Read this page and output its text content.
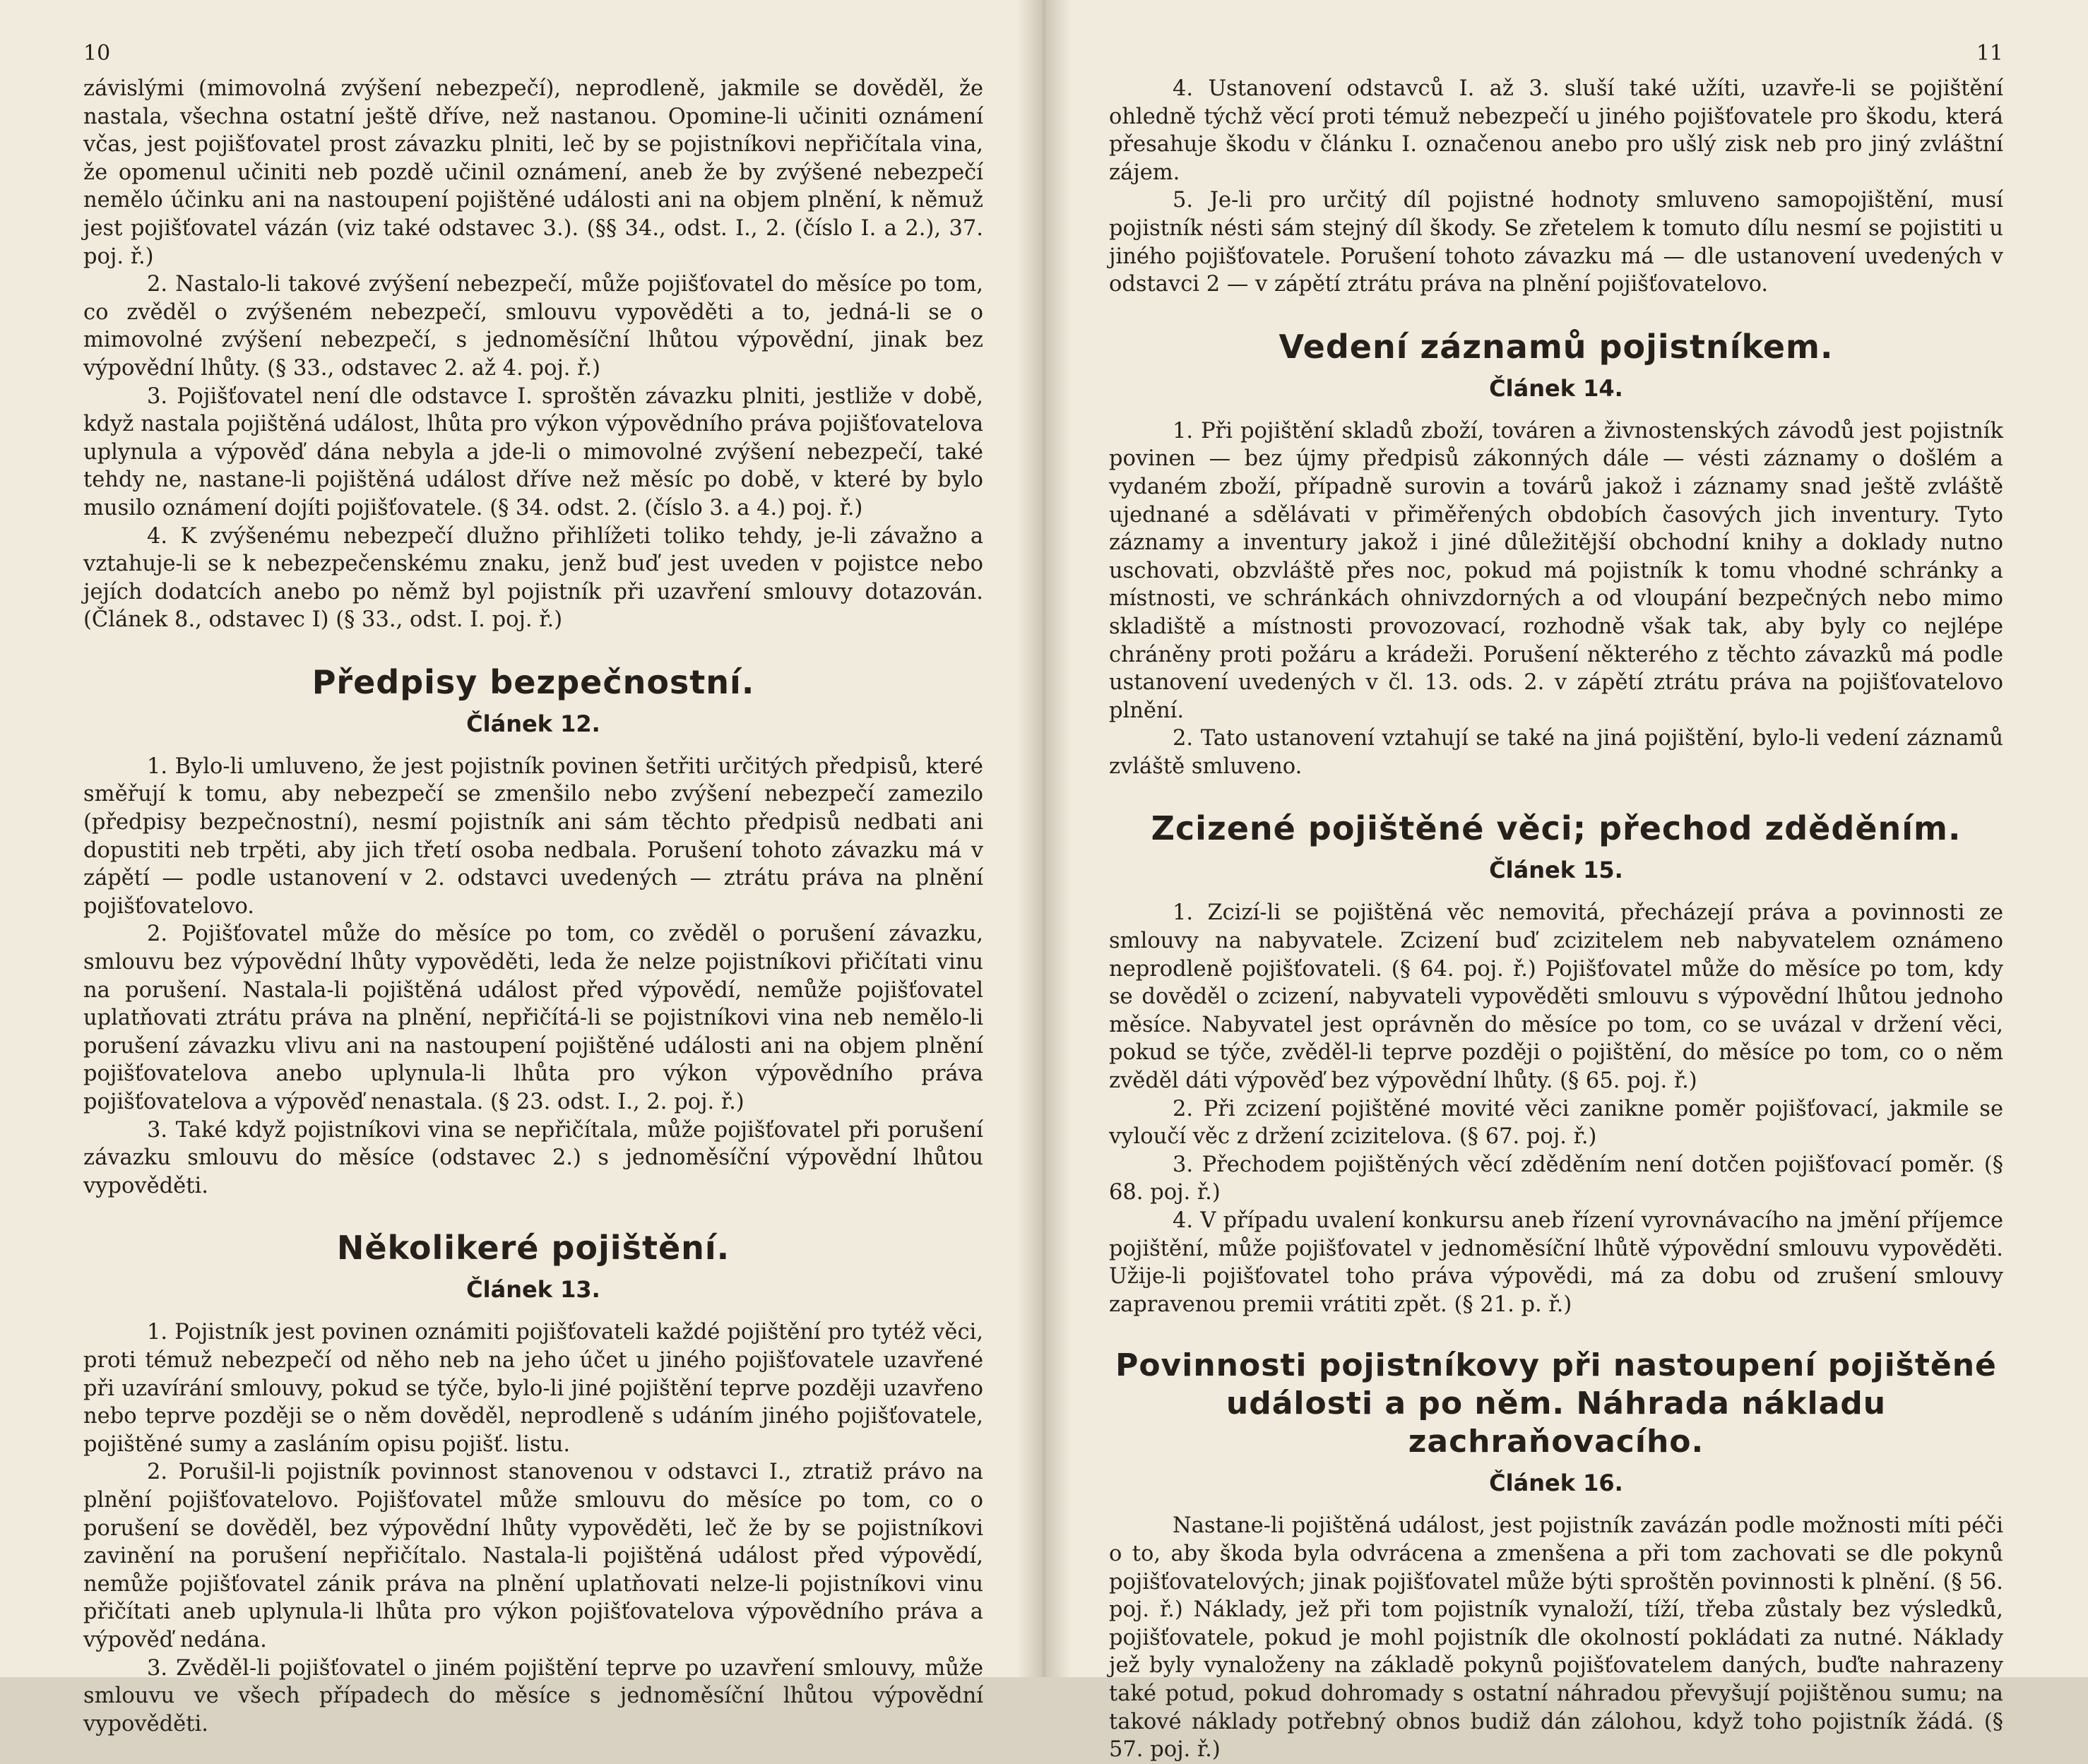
10

závislými (mimovolná zvýšení nebezpečí), neprodleně, jakmile se dověděl, že nastala, všechna ostatní ještě dříve, než nastanou. Opomine-li učiniti oznámení včas, jest pojišťovatel prost závazku plniti, leč by se pojistníkovi nepřičítala vina, že opomenul učiniti neb pozdě učinil oznámení, aneb že by zvýšené nebezpečí nemělo účinku ani na nastoupení pojištěné události ani na objem plnění, k němuž jest pojišťovatel vázán (viz také odstavec 3.). (§§ 34., odst. I., 2. (číslo I. a 2.), 37. poj. ř.)

2. Nastalo-li takové zvýšení nebezpečí, může pojišťovatel do měsíce po tom, co zvěděl o zvýšeném nebezpečí, smlouvu vypověděti a to, jedná-li se o mimovolné zvýšení nebezpečí, s jednoměsíční lhůtou výpovědní, jinak bez výpovědní lhůty. (§ 33., odstavec 2. až 4. poj. ř.)

3. Pojišťovatel není dle odstavce I. sproštěn závazku plniti, jestliže v době, když nastala pojištěná událost, lhůta pro výkon výpovědního práva pojišťovatelova uplynula a výpověď dána nebyla a jde-li o mimovolné zvýšení nebezpečí, také tehdy ne, nastane-li pojištěná událost dříve než měsíc po době, v které by bylo musilo oznámení dojíti pojišťovatele. (§ 34. odst. 2. (číslo 3. a 4.) poj. ř.)

4. K zvýšenému nebezpečí dlužno přihlížeti toliko tehdy, je-li závažno a vztahuje-li se k nebezpečenskému znaku, jenž buď jest uveden v pojistce nebo jejích dodatcích anebo po němž byl pojistník při uzavření smlouvy dotazován. (Článek 8., odstavec I) (§ 33., odst. I. poj. ř.)

Předpisy bezpečnostní.
Článek 12.

1. Bylo-li umluveno, že jest pojistník povinen šetřiti určitých předpisů, které směřují k tomu, aby nebezpečí se zmenšilo nebo zvýšení nebezpečí zamezilo (předpisy bezpečnostní), nesmí pojistník ani sám těchto předpisů nedbati ani dopustiti neb trpěti, aby jich třetí osoba nedbala. Porušení tohoto závazku má v zápětí — podle ustanovení v 2. odstavci uvedených — ztrátu práva na plnění pojišťovatelovo.

2. Pojišťovatel může do měsíce po tom, co zvěděl o porušení závazku, smlouvu bez výpovědní lhůty vypověděti, leda že nelze pojistníkovi přičítati vinu na porušení. Nastala-li pojištěná událost před výpovědí, nemůže pojišťovatel uplatňovati ztrátu práva na plnění, nepřičítá-li se pojistníkovi vina neb nemělo-li porušení závazku vlivu ani na nastoupení pojištěné události ani na objem plnění pojišťovatelova anebo uplynula-li lhůta pro výkon výpovědního práva pojišťovatelova a výpověď nenastala. (§ 23. odst. I., 2. poj. ř.)

3. Také když pojistníkovi vina se nepřičítala, může pojišťovatel při porušení závazku smlouvu do měsíce (odstavec 2.) s jednoměsíční výpovědní lhůtou vypověděti.

Několikeré pojištění.
Článek 13.

1. Pojistník jest povinen oznámiti pojišťovateli každé pojištění pro tytéž věci, proti témuž nebezpečí od něho neb na jeho účet u jiného pojišťovatele uzavřené při uzavírání smlouvy, pokud se týče, bylo-li jiné pojištění teprve později uzavřeno nebo teprve později se o něm dověděl, neprodleně s udáním jiného pojišťovatele, pojištěné sumy a zasláním opisu pojišť. listu.

2. Porušil-li pojistník povinnost stanovenou v odstavci I., ztratiž právo na plnění pojišťovatelovo. Pojišťovatel může smlouvu do měsíce po tom, co o porušení se dověděl, bez výpovědní lhůty vypověděti, leč že by se pojistníkovi zavinění na porušení nepřičítalo. Nastala-li pojištěná událost před výpovědí, nemůže pojišťovatel zánik práva na plnění uplatňovati nelze-li pojistníkovi vinu přičítati aneb uplynula-li lhůta pro výkon pojišťovatelova výpovědního práva a výpověď nedána.

3. Zvěděl-li pojišťovatel o jiném pojištění teprve po uzavření smlouvy, může smlouvu ve všech případech do měsíce s jednoměsíční lhůtou výpovědní vypověděti.

11

4. Ustanovení odstavců I. až 3. sluší také užíti, uzavře-li se pojištění ohledně týchž věcí proti témuž nebezpečí u jiného pojišťovatele pro škodu, která přesahuje škodu v článku I. označenou anebo pro ušlý zisk neb pro jiný zvláštní zájem.

5. Je-li pro určitý díl pojistné hodnoty smluveno samopojištění, musí pojistník nésti sám stejný díl škody. Se zřetelem k tomuto dílu nesmí se pojistiti u jiného pojišťovatele. Porušení tohoto závazku má — dle ustanovení uvedených v odstavci 2 — v zápětí ztrátu práva na plnění pojišťovatelovo.

Vedení záznamů pojistníkem.
Článek 14.

1. Při pojištění skladů zboží, továren a živnostenských závodů jest pojistník povinen — bez újmy předpisů zákonných dále — vésti záznamy o došlém a vydaném zboží, případně surovin a továrů jakož i záznamy snad ještě zvláště ujednané a sdělávati v přiměřených obdobích časových jich inventury. Tyto záznamy a inventury jakož i jiné důležitější obchodní knihy a doklady nutno uschovati, obzvláště přes noc, pokud má pojistník k tomu vhodné schránky a místnosti, ve schránkách ohnivzdorných a od vloupání bezpečných nebo mimo skladiště a místnosti provozovací, rozhodně však tak, aby byly co nejlépe chráněny proti požáru a krádeži. Porušení některého z těchto závazků má podle ustanovení uvedených v čl. 13. ods. 2. v zápětí ztrátu práva na pojišťovatelovo plnění.

2. Tato ustanovení vztahují se také na jiná pojištění, bylo-li vedení záznamů zvláště smluveno.

Zcizené pojištěné věci; přechod zděděním.
Článek 15.

1. Zcizí-li se pojištěná věc nemovitá, přecházejí práva a povinnosti ze smlouvy na nabyvatele. Zcizení buď zcizitelem neb nabyvatelem oznámeno neprodleně pojišťovateli. (§ 64. poj. ř.) Pojišťovatel může do měsíce po tom, kdy se dověděl o zcizení, nabyvateli vypověděti smlouvu s výpovědní lhůtou jednoho měsíce. Nabyvatel jest oprávněn do měsíce po tom, co se uvázal v držení věci, pokud se týče, zvěděl-li teprve později o pojištění, do měsíce po tom, co o něm zvěděl dáti výpověď bez výpovědní lhůty. (§ 65. poj. ř.)

2. Při zcizení pojištěné movité věci zanikne poměr pojišťovací, jakmile se vyloučí věc z držení zcizitelova. (§ 67. poj. ř.)

3. Přechodem pojištěných věcí zděděním není dotčen pojišťovací poměr. (§ 68. poj. ř.)

4. V případu uvalení konkursu aneb řízení vyrovnávacího na jmění příjemce pojištění, může pojišťovatel v jednoměsíční lhůtě výpovědní smlouvu vypověděti. Užije-li pojišťovatel toho práva výpovědi, má za dobu od zrušení smlouvy zapravenou premii vrátiti zpět. (§ 21. p. ř.)

Povinnosti pojistníkovy při nastoupení pojištěné události a po něm. Náhrada nákladu zachraňovacího.
Článek 16.

Nastane-li pojištěná událost, jest pojistník zavázán podle možnosti míti péči o to, aby škoda byla odvrácena a zmenšena a při tom zachovati se dle pokynů pojišťovatelových; jinak pojišťovatel může býti sproštěn povinnosti k plnění. (§ 56. poj. ř.) Náklady, jež při tom pojistník vynaloží, tíží, třeba zůstaly bez výsledků, pojišťovatele, pokud je mohl pojistník dle okolností pokládati za nutné. Náklady jež byly vynaloženy na základě pokynů pojišťovatelem daných, buďte nahrazeny také potud, pokud dohromady s ostatní náhradou převyšují pojištěnou sumu; na takové náklady potřebný obnos budiž dán zálohou, když toho pojistník žádá. (§ 57. poj. ř.)
